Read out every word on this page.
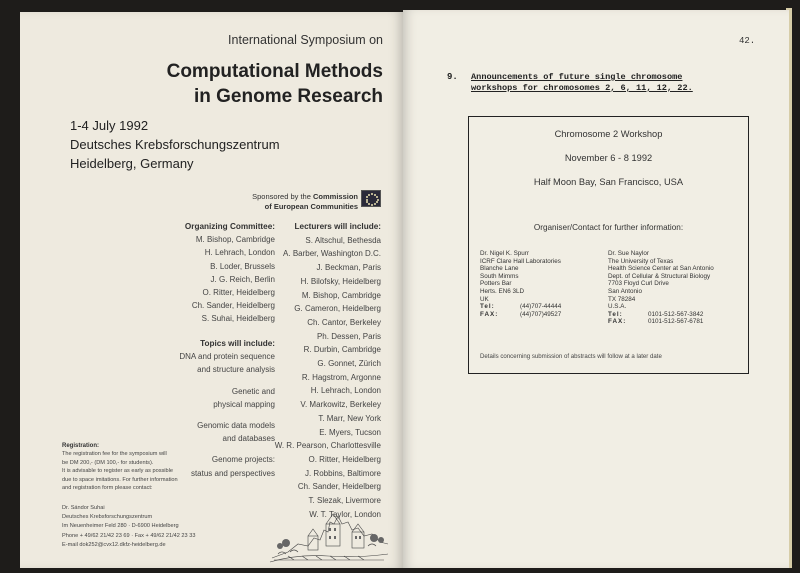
International Symposium on
Computational Methods
in Genome Research
1-4 July 1992
Deutsches Krebsforschungszentrum
Heidelberg, Germany
Sponsored by the Commission
of European Communities
Organizing Committee:
M. Bishop, Cambridge
H. Lehrach, London
B. Loder, Brussels
J. G. Reich, Berlin
O. Ritter, Heidelberg
Ch. Sander, Heidelberg
S. Suhai, Heidelberg
Topics will include:
DNA and protein sequence
and structure analysis
Genetic and
physical mapping
Genomic data models
and databases
Genome projects:
status and perspectives
Lecturers will include:
S. Altschul, Bethesda
A. Barber, Washington D.C.
J. Beckman, Paris
H. Bilofsky, Heidelberg
M. Bishop, Cambridge
G. Cameron, Heidelberg
Ch. Cantor, Berkeley
Ph. Dessen, Paris
R. Durbin, Cambridge
G. Gonnet, Zürich
R. Hagstrom, Argonne
H. Lehrach, London
V. Markowitz, Berkeley
T. Marr, New York
E. Myers, Tucson
W. R. Pearson, Charlottesville
O. Ritter, Heidelberg
J. Robbins, Baltimore
Ch. Sander, Heidelberg
T. Slezak, Livermore
W. T. Taylor, London
Registration:
The registration fee for the symposium will
be DM 200,- (DM 100,- for students).
It is advisable to register as early as possible
due to space imitations. For further information
and registration form please contact:
Dr. Sándor Suhai
Deutsches Krebsforschungszentrum
Im Neuenheimer Feld 280 · D-6900 Heidelberg
Phone + 49/62 21/42 23 69 · Fax + 49/62 21/42 23 33
E-mail dok252@cvx12.dkfz-heidelberg.de
42.
9. Announcements of future single chromosome
workshops for chromosomes 2, 6, 11, 12, 22.
Chromosome 2 Workshop
November 6 - 8 1992
Half Moon Bay, San Francisco, USA
Organiser/Contact for further information:
Dr. Nigel K. Spurr
ICRF Clare Hall Laboratories
Blanche Lane
South Mimms
Potters Bar
Herts. EN6 3LD
UK
Tel:	(44)707-44444
FAX:	(44)707)49527
Dr. Sue Naylor
The University of Texas
Health Science Center at San Antonio
Dept. of Cellular & Structural Biology
7703 Floyd Curl Drive
San Antonio
TX 78284
U.S.A.
Tel:	0101-512-567-3842
FAX:	0101-512-567-6781
Details concerning submission of abstracts will follow at a later date
